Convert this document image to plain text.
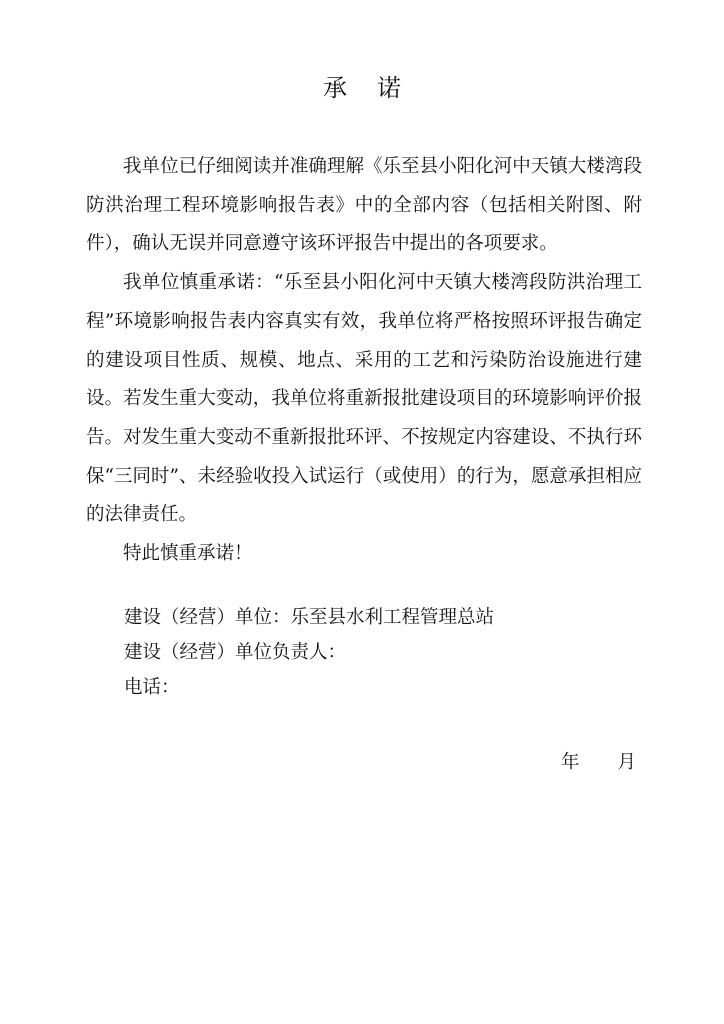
承 诺

我单位已仔细阅读并准确理解《乐至县小阳化河中天镇大楼湾段防洪治理工程环境影响报告表》中的全部内容（包括相关附图、附件），确认无误并同意遵守该环评报告中提出的各项要求。

我单位慎重承诺：“乐至县小阳化河中天镇大楼湾段防洪治理工程”环境影响报告表内容真实有效，我单位将严格按照环评报告确定的建设项目性质、规模、地点、采用的工艺和污染防治设施进行建设。若发生重大变动，我单位将重新报批建设项目的环境影响评价报告。对发生重大变动不重新报批环评、不按规定内容建设、不执行环保“三同时”、未经验收投入试运行（或使用）的行为，愿意承担相应的法律责任。

特此慎重承诺！

建设（经营）单位：乐至县水利工程管理总站
建设（经营）单位负责人：
电话：
年 月
